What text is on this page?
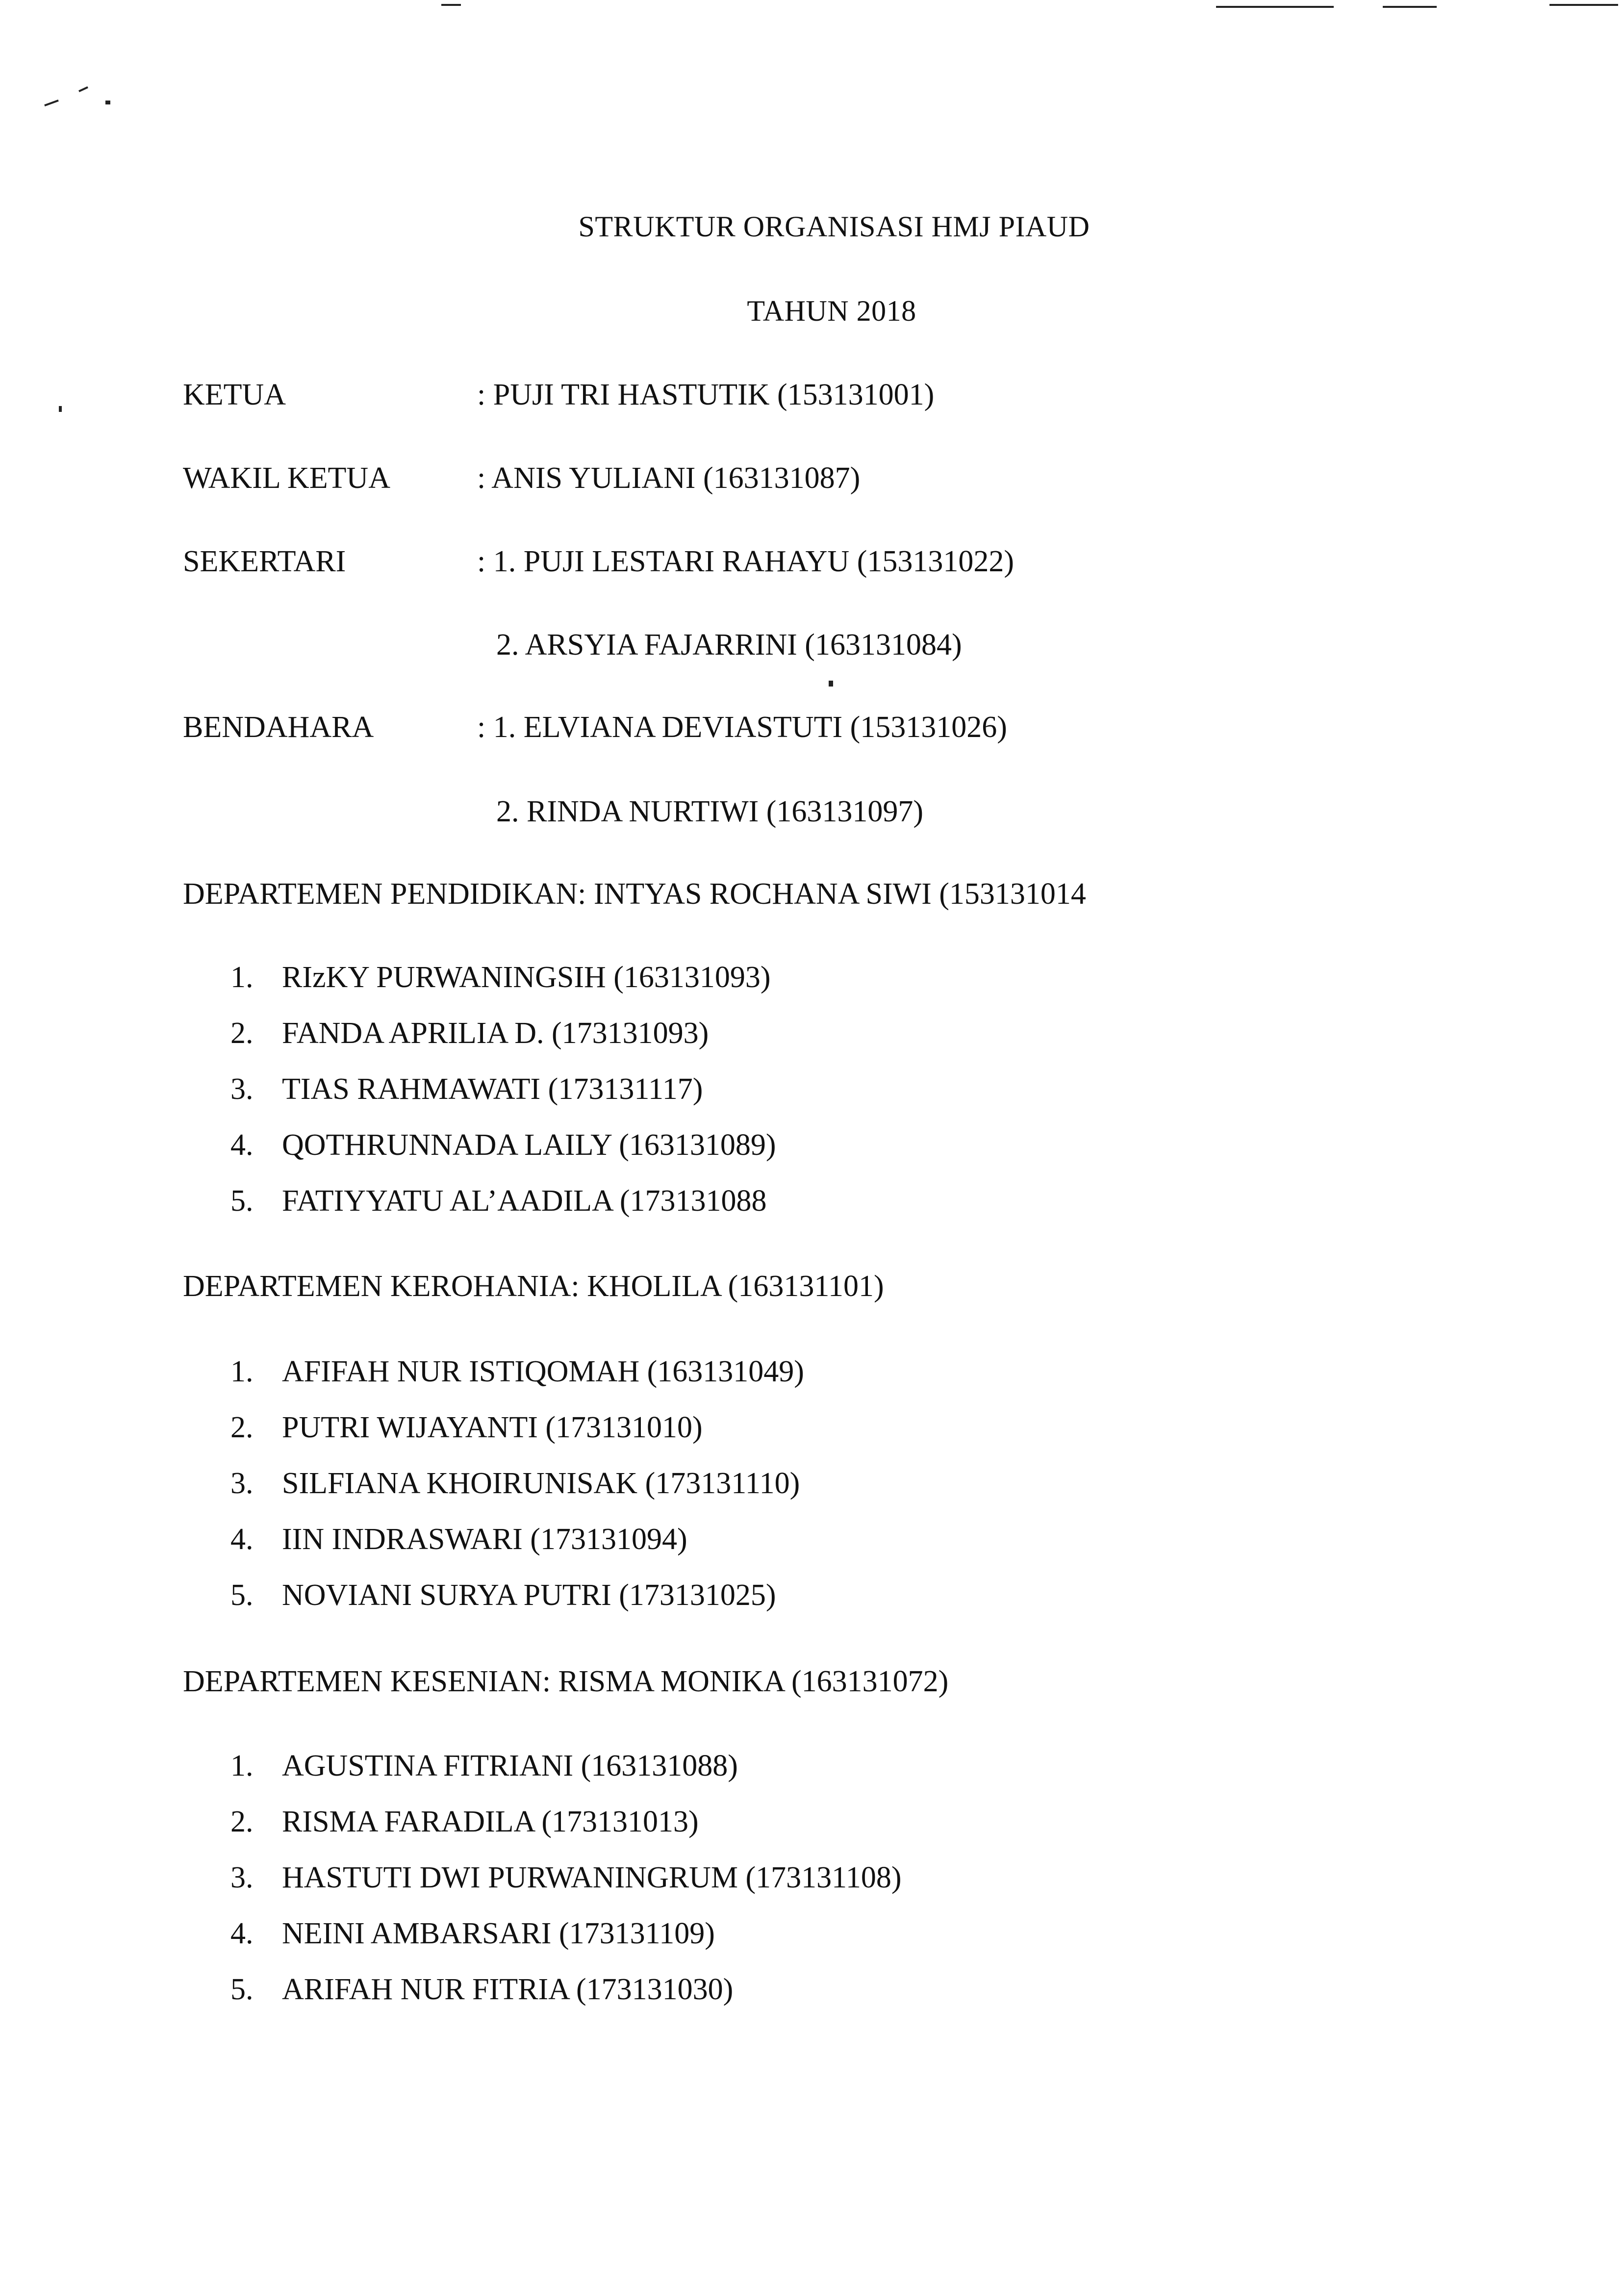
STRUKTUR ORGANISASI HMJ PIAUD
TAHUN 2018
KETUA	: PUJI TRI HASTUTIK (153131001)
WAKIL KETUA	: ANIS YULIANI (163131087)
SEKERTARI	: 1. PUJI LESTARI RAHAYU (153131022)
2. ARSYIA FAJARRINI (163131084)
BENDAHARA	: 1. ELVIANA DEVIASTUTI (153131026)
2. RINDA NURTIWI (163131097)
DEPARTEMEN PENDIDIKAN: INTYAS ROCHANA SIWI (153131014
1. RIzKY PURWANINGSIH (163131093)
2. FANDA APRILIA D. (173131093)
3. TIAS RAHMAWATI (173131117)
4. QOTHRUNNADA LAILY (163131089)
5. FATIYYATU AL’AADILA (173131088
DEPARTEMEN KEROHANIA: KHOLILA (163131101)
1. AFIFAH NUR ISTIQOMAH (163131049)
2. PUTRI WIJAYANTI (173131010)
3. SILFIANA KHOIRUNISAK (173131110)
4. IIN INDRASWARI (173131094)
5. NOVIANI SURYA PUTRI (173131025)
DEPARTEMEN KESENIAN: RISMA MONIKA (163131072)
1. AGUSTINA FITRIANI (163131088)
2. RISMA FARADILA (173131013)
3. HASTUTI DWI PURWANINGRUM (173131108)
4. NEINI AMBARSARI (173131109)
5. ARIFAH NUR FITRIA (173131030)
